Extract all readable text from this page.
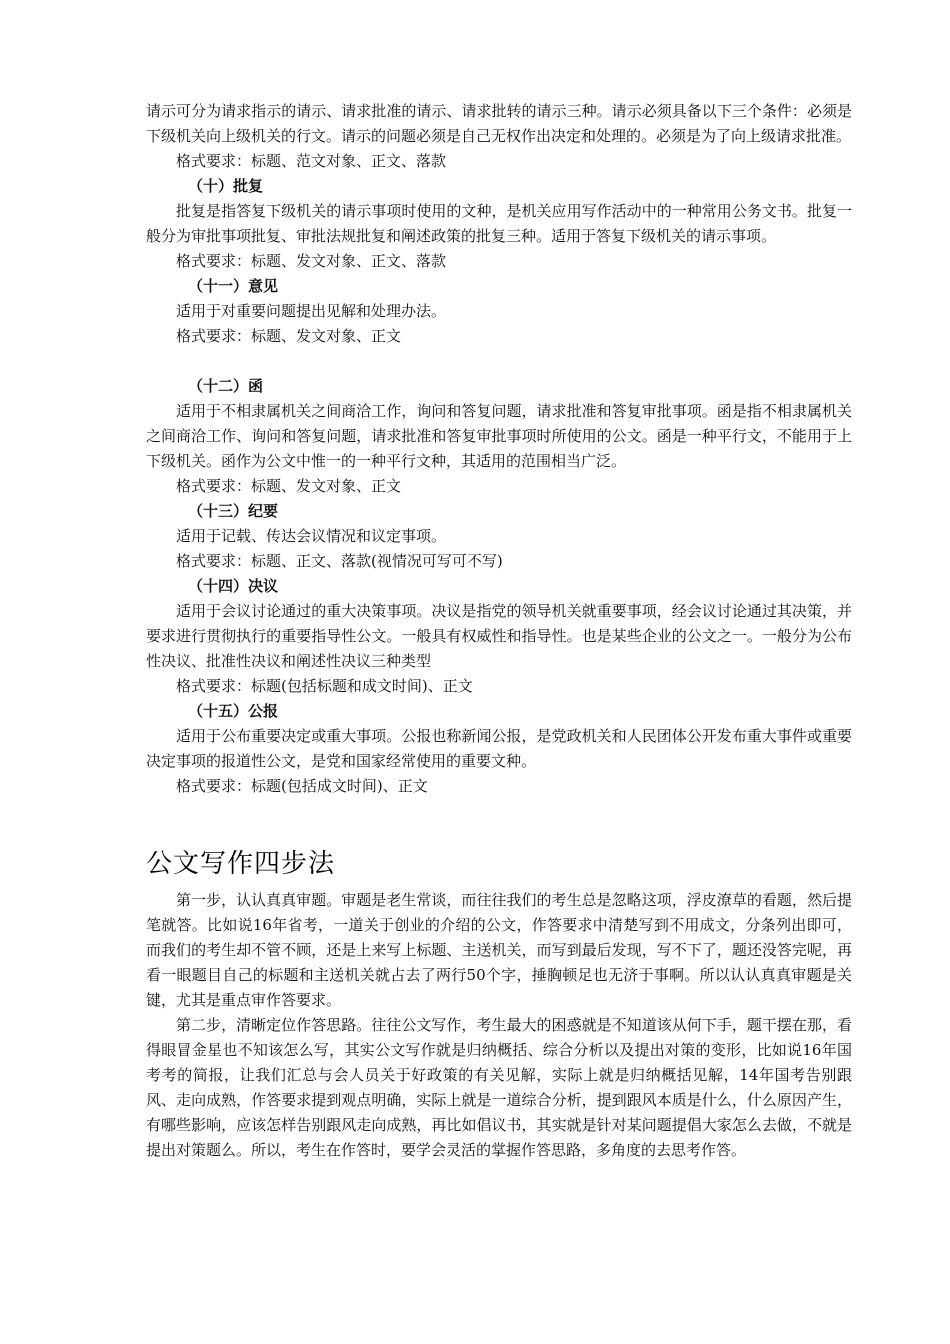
请示可分为请求指示的请示、请求批准的请示、请求批转的请示三种。请示必须具备以下三个条件：必须是下级机关向上级机关的行文。请示的问题必须是自己无权作出决定和处理的。必须是为了向上级请求批准。

格式要求：标题、范文对象、正文、落款

（十）批复

批复是指答复下级机关的请示事项时使用的文种，是机关应用写作活动中的一种常用公务文书。批复一般分为审批事项批复、审批法规批复和阐述政策的批复三种。适用于答复下级机关的请示事项。

格式要求：标题、发文对象、正文、落款

（十一）意见

适用于对重要问题提出见解和处理办法。

格式要求：标题、发文对象、正文

（十二）函

适用于不相隶属机关之间商洽工作，询问和答复问题，请求批准和答复审批事项。函是指不相隶属机关之间商洽工作、询问和答复问题，请求批准和答复审批事项时所使用的公文。函是一种平行文，不能用于上下级机关。函作为公文中惟一的一种平行文种，其适用的范围相当广泛。

格式要求：标题、发文对象、正文

（十三）纪要

适用于记载、传达会议情况和议定事项。

格式要求：标题、正文、落款(视情况可写可不写)

（十四）决议

适用于会议讨论通过的重大决策事项。决议是指党的领导机关就重要事项，经会议讨论通过其决策，并要求进行贯彻执行的重要指导性公文。一般具有权威性和指导性。也是某些企业的公文之一。一般分为公布性决议、批准性决议和阐述性决议三种类型

格式要求：标题(包括标题和成文时间)、正文

（十五）公报

适用于公布重要决定或重大事项。公报也称新闻公报，是党政机关和人民团体公开发布重大事件或重要决定事项的报道性公文，是党和国家经常使用的重要文种。

格式要求：标题(包括成文时间)、正文

公文写作四步法

第一步，认认真真审题。审题是老生常谈，而往往我们的考生总是忽略这项，浮皮潦草的看题，然后提笔就答。比如说16年省考，一道关于创业的介绍的公文，作答要求中清楚写到不用成文，分条列出即可，而我们的考生却不管不顾，还是上来写上标题、主送机关，而写到最后发现，写不下了，题还没答完呢，再看一眼题目自己的标题和主送机关就占去了两行50个字，捶胸顿足也无济于事啊。所以认认真真审题是关键，尤其是重点审作答要求。

第二步，清晰定位作答思路。往往公文写作，考生最大的困惑就是不知道该从何下手，题干摆在那，看得眼冒金星也不知该怎么写，其实公文写作就是归纳概括、综合分析以及提出对策的变形，比如说16年国考考的简报，让我们汇总与会人员关于好政策的有关见解，实际上就是归纳概括见解，14年国考告别跟风、走向成熟，作答要求提到观点明确，实际上就是一道综合分析，提到跟风本质是什么，什么原因产生，有哪些影响，应该怎样告别跟风走向成熟，再比如倡议书，其实就是针对某问题提倡大家怎么去做，不就是提出对策题么。所以，考生在作答时，要学会灵活的掌握作答思路，多角度的去思考作答。
